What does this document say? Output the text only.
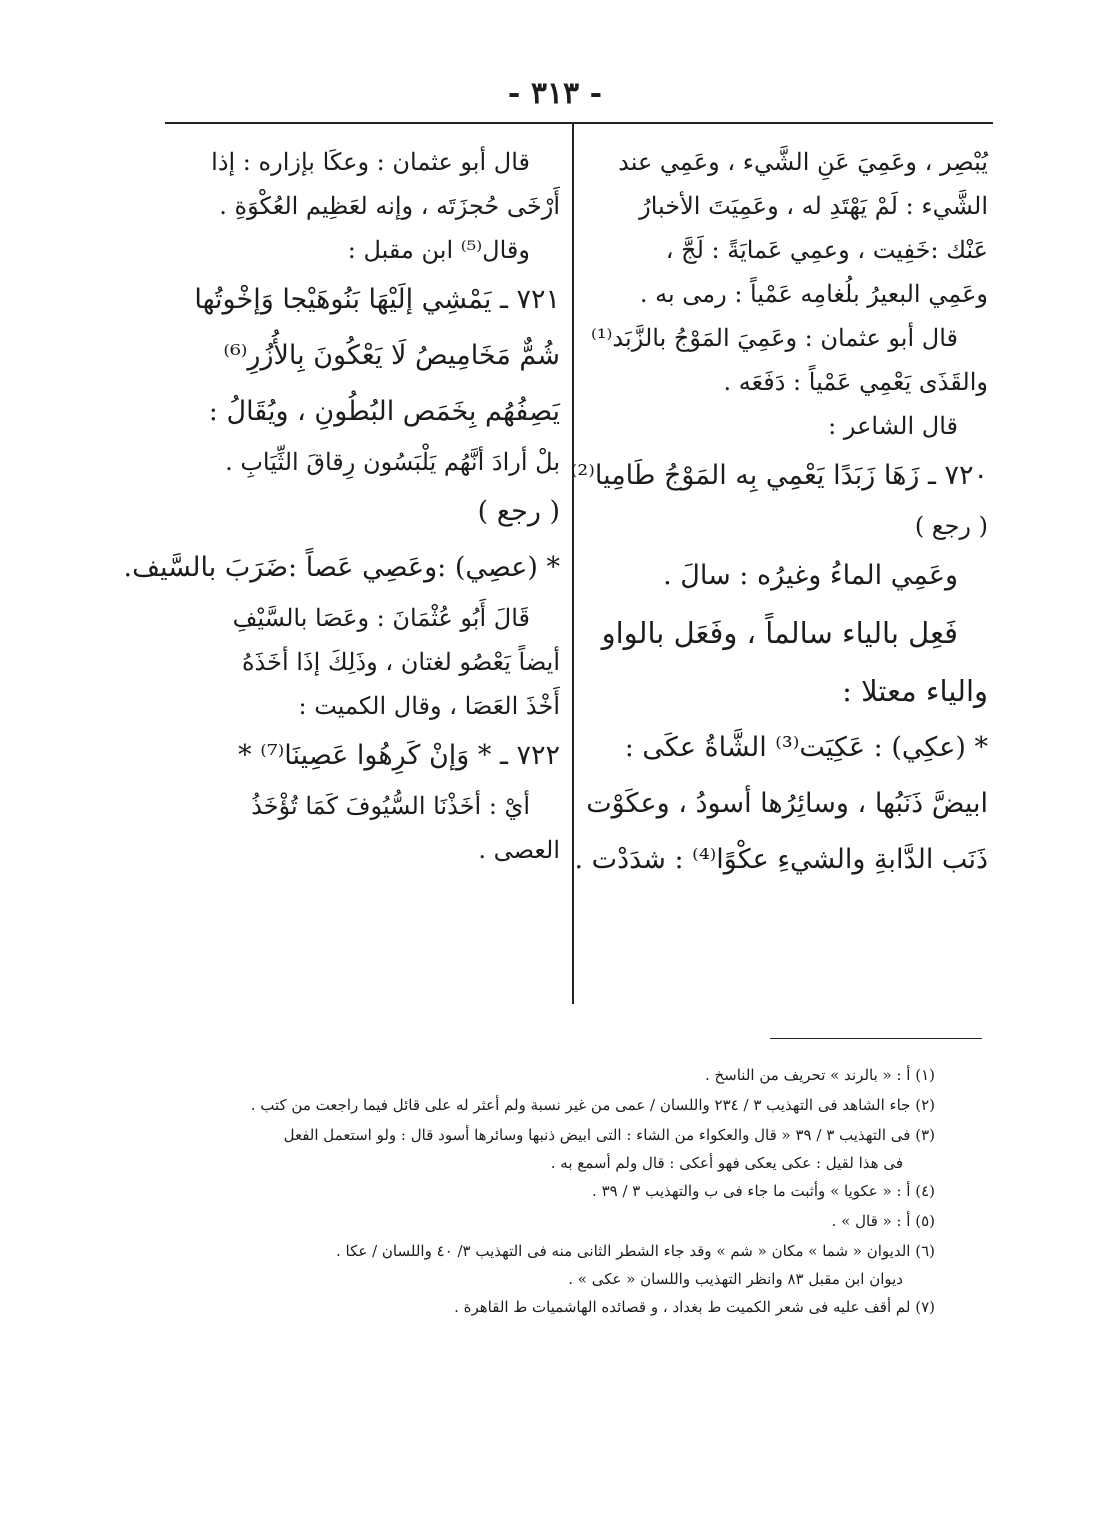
- ٣١٣ -
يُبْصِر ، وعَمِيَ عَنِ الشَّيء ، وعَمِي عند
الشَّيء : لَمْ يَهْتَدِ له ، وعَمِيَتَ الأخبارُ
عَنْك :خَفِيت ، وعمِي عَمايَةً : لَجَّ ،
وعَمِي البعيرُ بلُغامِه عَمْياً : رمى به .
قال أبو عثمان : وعَمِيَ المَوْجُ بالزَّبَد⁽¹⁾
والقَذَى يَعْمِي عَمْياً : دَفَعَه .
قال الشاعر :
٧٢٠ ـ زَهَا زَبَدًا يَعْمِي بِه المَوْجُ طَامِيا⁽²⁾
( رجع )
وعَمِي الماءُ وغيرُه : سالَ .
فَعِل بالياء سالماً ، وفَعَل بالواو
والياء معتلا :
* (عكِي) : عَكِيَت⁽³⁾ الشَّاةُ عكَى :
ابيضَّ ذَنَبُها ، وسائِرُها أسودُ ، وعكَوْت
ذَنَب الدَّابةِ والشيءِ عكْوًا⁽⁴⁾ : شدَدْت .
قال أبو عثمان : وعكَا بإزاره : إذا
أَرْخَى حُجزَتَه ، وإنه لعَظِيم العُكْوَةِ .
وقال⁽⁵⁾ ابن مقبل :
٧٢١ ـ يَمْشِي إلَيْهَا بَنُوهَيْجا وَإخْوتُها
شُمٌّ مَخَامِيصُ لَا يَعْكُونَ بِالأُزُرِ⁽⁶⁾
يَصِفُهُم بِخَمَص البُطُونِ ، ويُقَالُ :
بلْ أرادَ أنَّهُم يَلْبَسُون رِقاقَ الثِّيَابِ .
( رجع )
* (عصِي) :وعَصِي عَصاً :ضَرَبَ بالسَّيف.
قَالَ أَبُو عُثْمَانَ : وعَصَا بالسَّيْفِ
أيضاً يَعْصُو لغتان ، وذَلِكَ إذَا أخَذَهُ
أَخْذَ العَصَا ، وقال الكميت :
٧٢٢ ـ * وَإنْ كَرِهُوا عَصِينَا⁽⁷⁾ *
أيْ : أخَذْنَا السُّيُوفَ كَمَا تُؤْخَذُ
العصى .
(١) أ : « بالرند » تحريف من الناسخ .
(٢) جاء الشاهد فى التهذيب ٣ / ٢٣٤ واللسان / عمى من غير نسبة ولم أعثر له على قائل فيما راجعت من كتب .
(٣) فى التهذيب ٣ / ٣٩ « قال والعكواء من الشاء : التى ابيض ذنبها وسائرها أسود قال : ولو استعمل الفعل
فى هذا لقيل : عكى يعكى فهو أعكى : قال ولم أسمع به .
(٤) أ : « عكويا » وأثبت ما جاء فى ب والتهذيب ٣ / ٣٩ .
(٥) أ : « قال » .
(٦) الديوان « شما » مكان « شم » وقد جاء الشطر الثانى منه فى التهذيب ٣/ ٤٠ واللسان / عكا .
ديوان ابن مقبل ٨٣ وانظر التهذيب واللسان « عكى » .
(٧) لم أقف عليه فى شعر الكميت ط بغداد ، و قصائده الهاشميات ط القاهرة .
